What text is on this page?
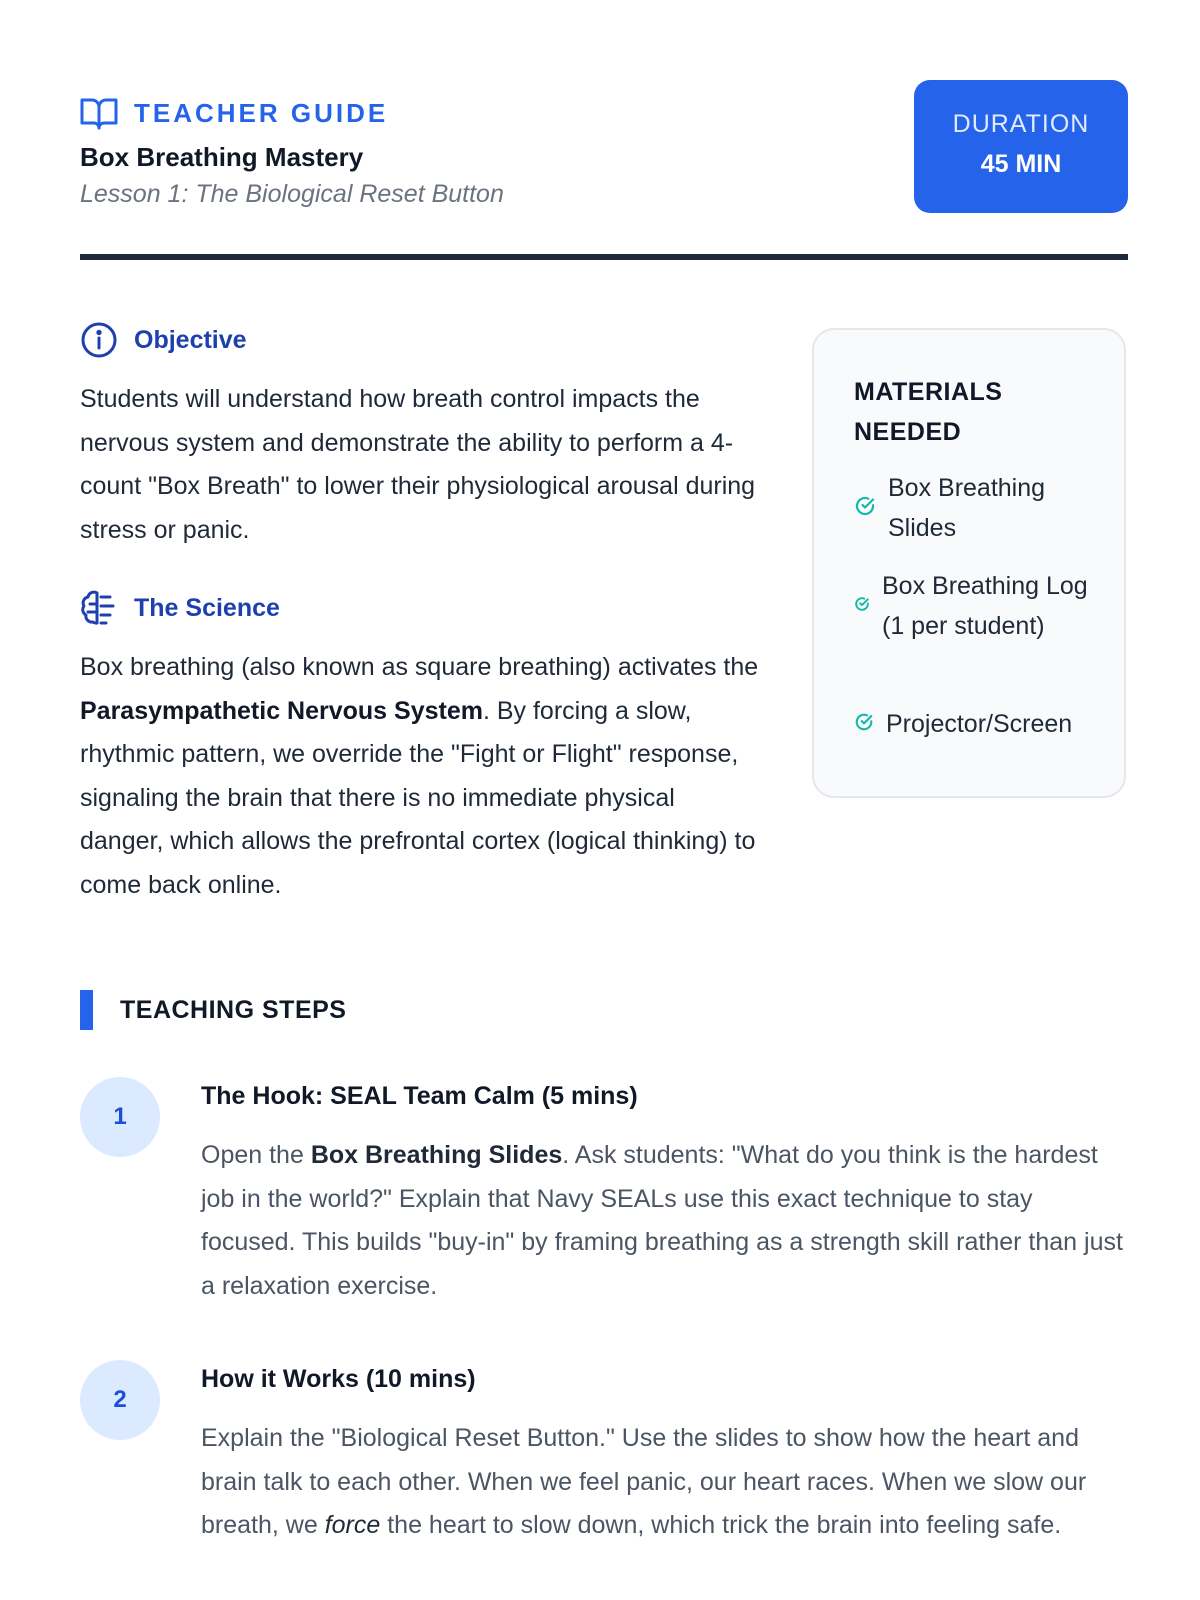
TEACHER GUIDE
Box Breathing Mastery
Lesson 1: The Biological Reset Button
DURATION
45 MIN
Objective
Students will understand how breath control impacts the nervous system and demonstrate the ability to perform a 4-count "Box Breath" to lower their physiological arousal during stress or panic.
The Science
Box breathing (also known as square breathing) activates the Parasympathetic Nervous System. By forcing a slow, rhythmic pattern, we override the "Fight or Flight" response, signaling the brain that there is no immediate physical danger, which allows the prefrontal cortex (logical thinking) to come back online.
MATERIALS NEEDED
Box Breathing Slides
Box Breathing Log (1 per student)
Projector/Screen
TEACHING STEPS
1
The Hook: SEAL Team Calm (5 mins)
Open the Box Breathing Slides. Ask students: "What do you think is the hardest job in the world?" Explain that Navy SEALs use this exact technique to stay focused. This builds "buy-in" by framing breathing as a strength skill rather than just a relaxation exercise.
2
How it Works (10 mins)
Explain the "Biological Reset Button." Use the slides to show how the heart and brain talk to each other. When we feel panic, our heart races. When we slow our breath, we force the heart to slow down, which trick the brain into feeling safe.
